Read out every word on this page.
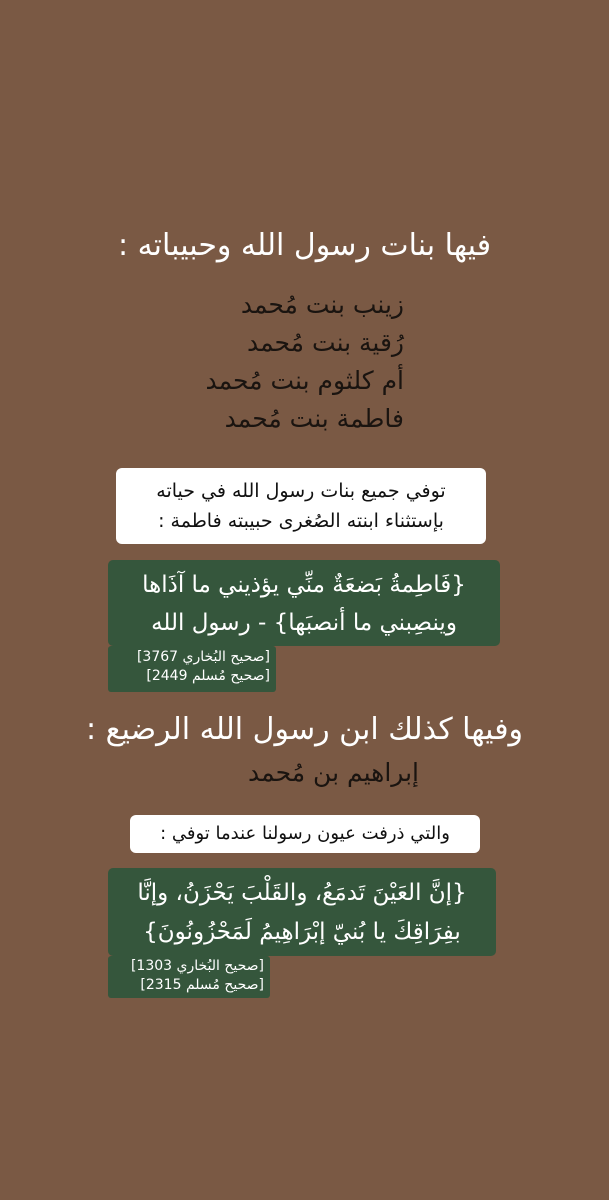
فيها بنات رسول الله وحبيباته :
زينب بنت مُحمد
رُقية بنت مُحمد
أم كلثوم بنت مُحمد
فاطمة بنت مُحمد
توفي جميع بنات رسول الله في حياته
بإستثناء ابنته الصُغرى حبيبته فاطمة :
{فَاطِمةُ بَضعَةٌ منِّي يؤذيني ما آذَاها
وينصِبني ما أنصبَها} - رسول الله
[صحيح البُخاري 3767]
[صحيح مُسلم 2449]
وفيها كذلك ابن رسول الله الرضيع :
إبراهيم بن مُحمد
والتي ذرفت عيون رسولنا عندما توفي :
{إنَّ العَيْنَ تَدمَعُ، والقَلْبَ يَحْزَنُ، وإنَّا
بفِرَاقِكَ يا بُنيّ إبْرَاهِيمُ لَمَحْزُونُونَ}
[صحيح البُخاري 1303]
[صحيح مُسلم 2315]
